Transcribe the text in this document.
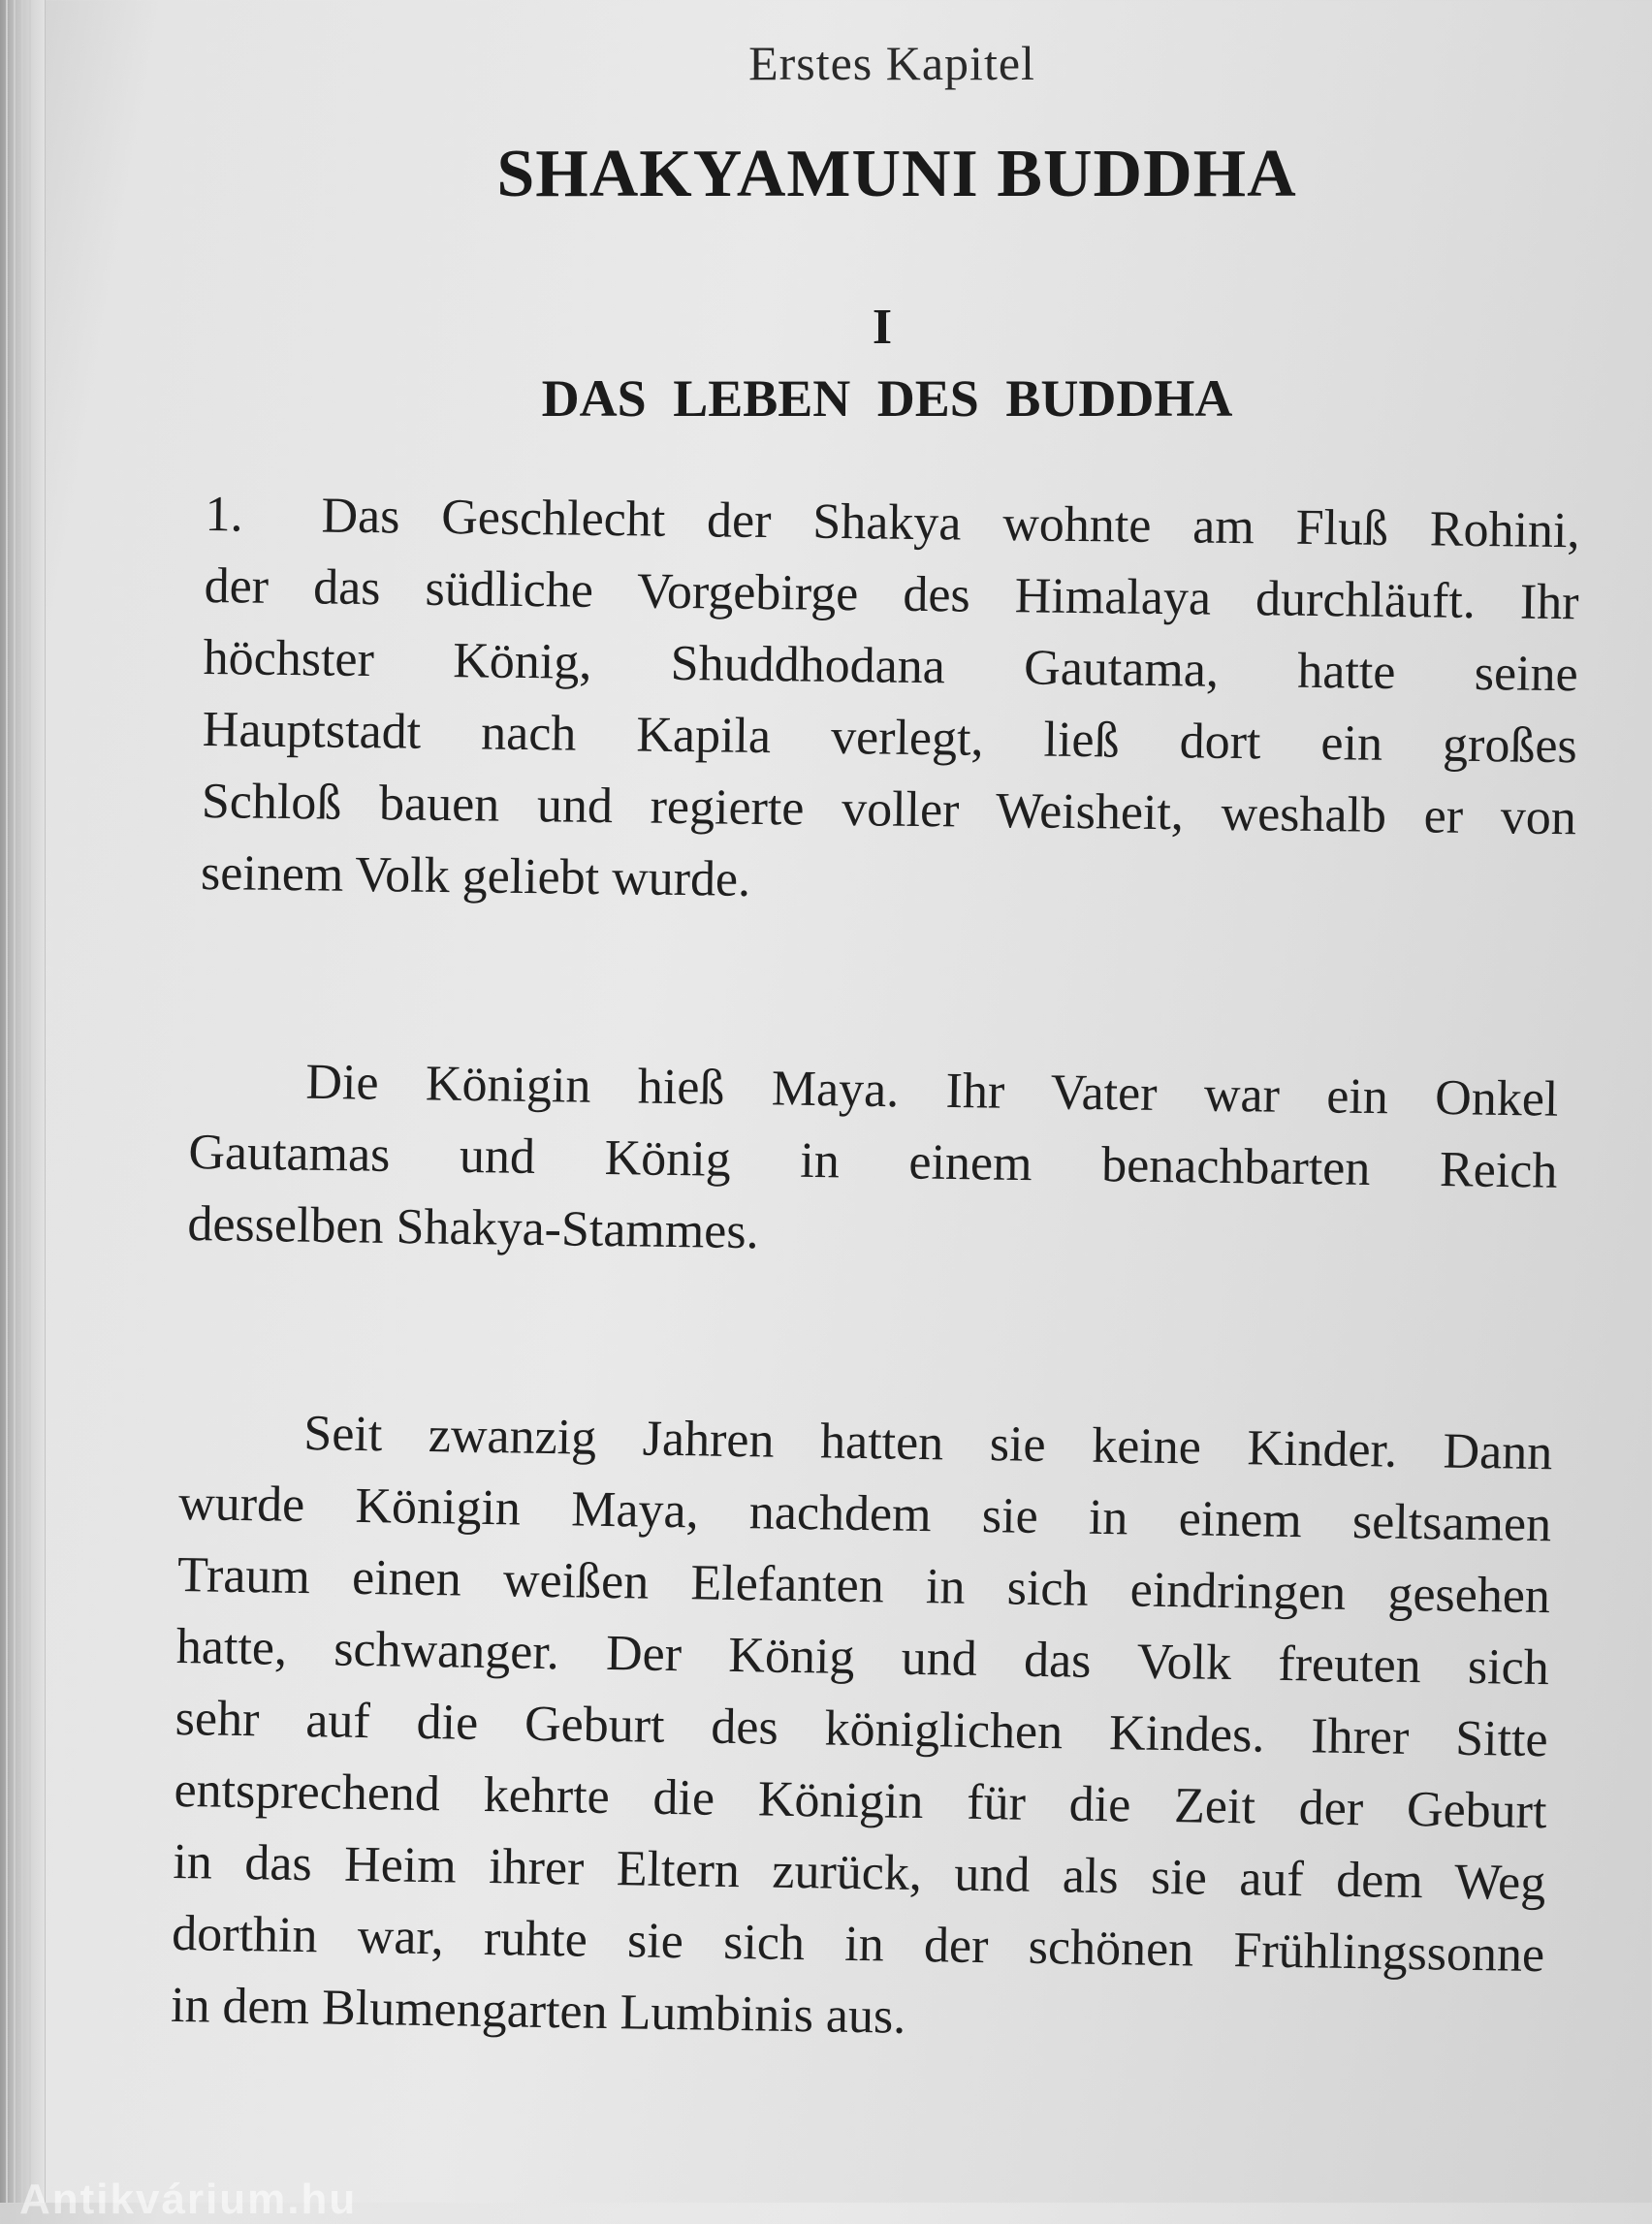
Erstes Kapitel
SHAKYAMUNI BUDDHA
I
DAS LEBEN DES BUDDHA
1. Das Geschlecht der Shakya wohnte am Fluß Rohini,
der das südliche Vorgebirge des Himalaya durchläuft. Ihr
höchster König, Shuddhodana Gautama, hatte seine
Hauptstadt nach Kapila verlegt, ließ dort ein großes
Schloß bauen und regierte voller Weisheit, weshalb er von
seinem Volk geliebt wurde.
Die Königin hieß Maya. Ihr Vater war ein Onkel
Gautamas und König in einem benachbarten Reich
desselben Shakya-Stammes.
Seit zwanzig Jahren hatten sie keine Kinder. Dann
wurde Königin Maya, nachdem sie in einem seltsamen
Traum einen weißen Elefanten in sich eindringen gesehen
hatte, schwanger. Der König und das Volk freuten sich
sehr auf die Geburt des königlichen Kindes. Ihrer Sitte
entsprechend kehrte die Königin für die Zeit der Geburt
in das Heim ihrer Eltern zurück, und als sie auf dem Weg
dorthin war, ruhte sie sich in der schönen Frühlingssonne
in dem Blumengarten Lumbinis aus.
Antikvárium.hu
